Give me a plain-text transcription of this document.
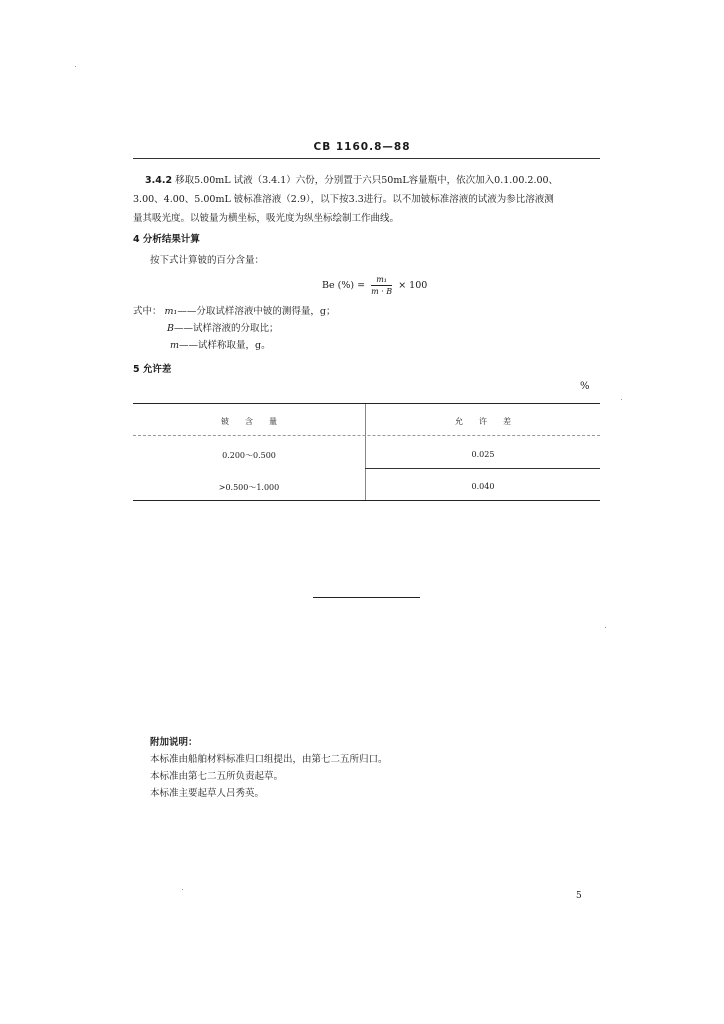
CB 1160.8—88
3.4.2 移取5.00mL 试液（3.4.1）六份，分别置于六只50mL容量瓶中，依次加入0.1.00.2.00、
3.00、4.00、5.00mL 铍标准溶液（2.9），以下按3.3进行。以不加铍标准溶液的试液为参比溶液测
量其吸光度。以铍量为横坐标，吸光度为纵坐标绘制工作曲线。
4 分析结果计算
按下式计算铍的百分含量：
Be (%) = $\frac{\text{m₁}}{m \cdot B} \times 100$
式中： m₁——分取试样溶液中铍的测得量，g；
B——试样溶液的分取比；
m——试样称取量，g。
5 允许差
%
铍　　含　　量	允　　许　　差
0.200～0.500	0.025
>0.500～1.000	0.040
附加说明：
本标准由船舶材料标准归口组提出，由第七二五所归口。
本标准由第七二五所负责起草。
本标准主要起草人吕秀英。
5
